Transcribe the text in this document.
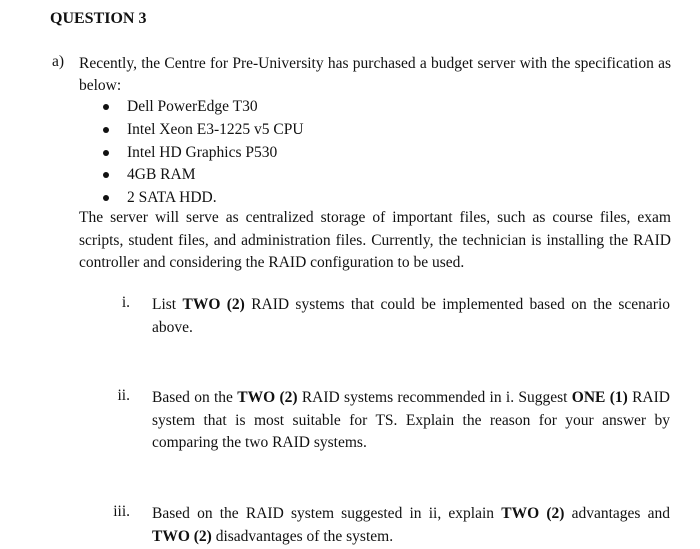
QUESTION 3
a) Recently, the Centre for Pre-University has purchased a budget server with the specification as below:
Dell PowerEdge T30
Intel Xeon E3-1225 v5 CPU
Intel HD Graphics P530
4GB RAM
2 SATA HDD.
The server will serve as centralized storage of important files, such as course files, exam scripts, student files, and administration files. Currently, the technician is installing the RAID controller and considering the RAID configuration to be used.
i. List TWO (2) RAID systems that could be implemented based on the scenario above.
ii. Based on the TWO (2) RAID systems recommended in i. Suggest ONE (1) RAID system that is most suitable for TS. Explain the reason for your answer by comparing the two RAID systems.
iii. Based on the RAID system suggested in ii, explain TWO (2) advantages and TWO (2) disadvantages of the system.
